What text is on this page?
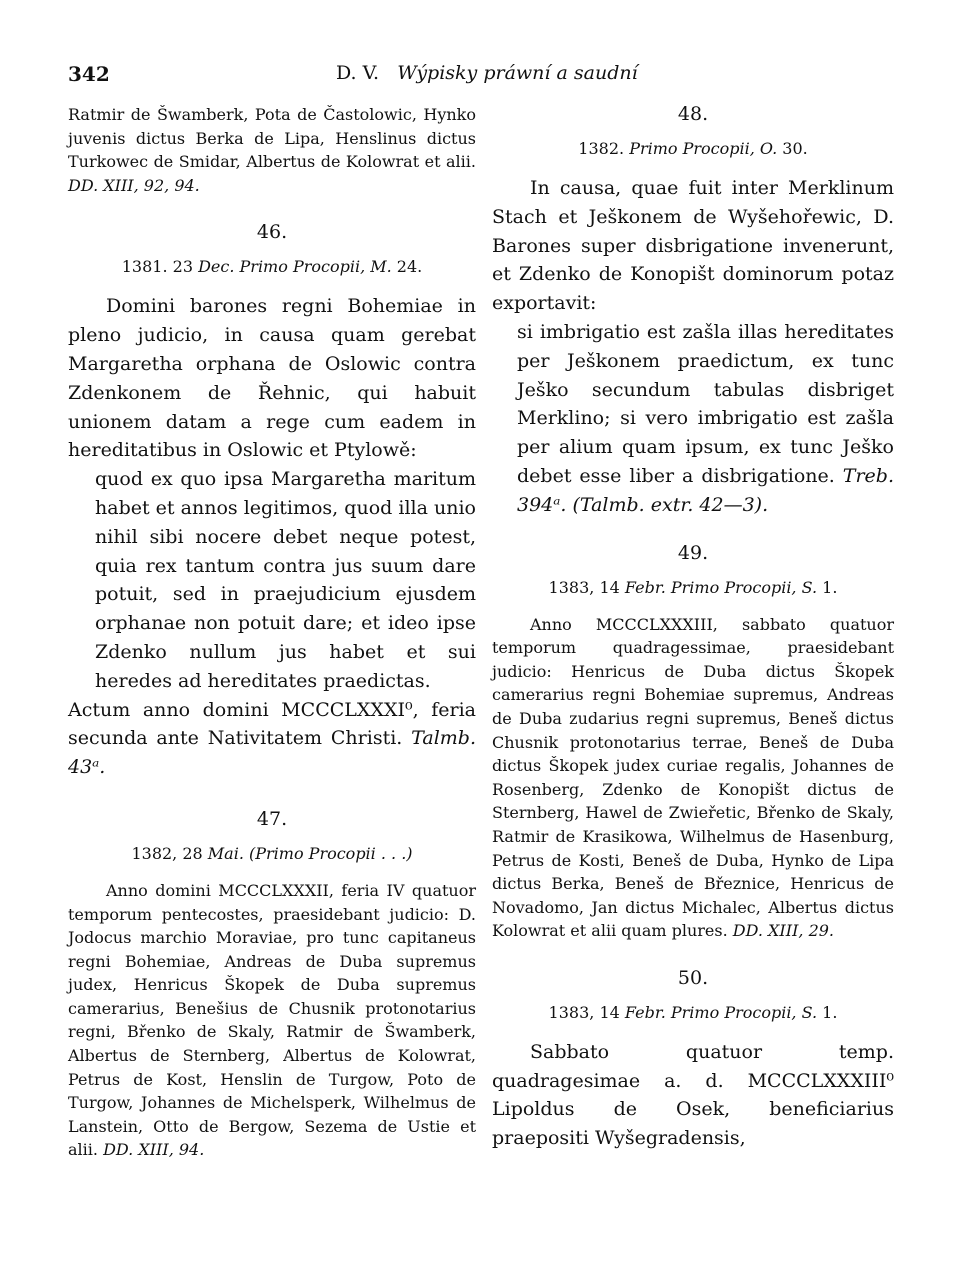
342	D. V. Wýpisky práwní a saudní

Ratmir de Šwamberk, Pota de Častolowic, Hynko juvenis dictus Berka de Lipa, Henslinus dictus Turkowec de Smidar, Albertus de Kolowrat et alii. DD. XIII, 92, 94.

46.
1381. 23 Dec. Primo Procopii, M. 24.

Domini barones regni Bohemiae in pleno judicio, in causa quam gerebat Margaretha orphana de Oslowic contra Zdenkonem de Řehnic, qui habuit unionem datam a rege cum eadem in hereditatibus in Oslowic et Ptylowě:

quod ex quo ipsa Margaretha maritum habet et annos legitimos, quod illa unio nihil sibi nocere debet neque potest, quia rex tantum contra jus suum dare potuit, sed in praejudicium ejusdem orphanae non potuit dare; et ideo ipse Zdenko nullum jus habet et sui heredes ad hereditates praedictas.

Actum anno domini MCCCLXXXI⁰, feria secunda ante Nativitatem Christi. Talmb. 43ᵃ.

47.
1382, 28 Mai. (Primo Procopii . . .)

Anno domini MCCCLXXXII, feria IV quatuor temporum pentecostes, praesidebant judicio: D. Jodocus marchio Moraviae, pro tunc capitaneus regni Bohemiae, Andreas de Duba supremus judex, Henricus Škopek de Duba supremus camerarius, Benešius de Chusnik protonotarius regni, Břenko de Skaly, Ratmir de Šwamberk, Albertus de Sternberg, Albertus de Kolowrat, Petrus de Kost, Henslin de Turgow, Poto de Turgow, Johannes de Michelsperk, Wilhelmus de Lanstein, Otto de Bergow, Sezema de Ustie et alii. DD. XIII, 94.

48.
1382. Primo Procopii, O. 30.

In causa, quae fuit inter Merklinum Stach et Ješkonem de Wyšehořewic, D. Barones super disbrigatione invenerunt, et Zdenko de Konopišt dominorum potaz exportavit:

si imbrigatio est zašla illas hereditates per Ješkonem praedictum, ex tunc Ješko secundum tabulas disbriget Merklino; si vero imbrigatio est zašla per alium quam ipsum, ex tunc Ješko debet esse liber a disbrigatione. Treb. 394ᵃ. (Talmb. extr. 42—3).

49.
1383, 14 Febr. Primo Procopii, S. 1.

Anno MCCCLXXXIII, sabbato quatuor temporum quadragessimae, praesidebant judicio: Henricus de Duba dictus Škopek camerarius regni Bohemiae supremus, Andreas de Duba zudarius regni supremus, Beneš dictus Chusnik protonotarius terrae, Beneš de Duba dictus Škopek judex curiae regalis, Johannes de Rosenberg, Zdenko de Konopišt dictus de Sternberg, Hawel de Zwieřetic, Břenko de Skaly, Ratmir de Krasikowa, Wilhelmus de Hasenburg, Petrus de Kosti, Beneš de Duba, Hynko de Lipa dictus Berka, Beneš de Březnice, Henricus de Novadomo, Jan dictus Michalec, Albertus dictus Kolowrat et alii quam plures. DD. XIII, 29.

50.
1383, 14 Febr. Primo Procopii, S. 1.

Sabbato quatuor temp. quadragesimae a. d. MCCCLXXXIII⁰ Lipoldus de Osek, beneficiarius praepositi Wyšegradensis,
